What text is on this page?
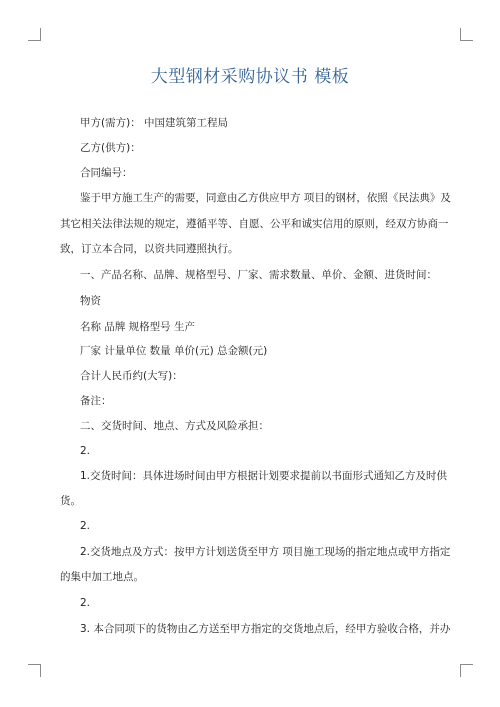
大型钢材采购协议书 模板
甲方(需方)： 中国建筑第工程局
乙方(供方)：
合同编号：
鉴于甲方施工生产的需要，同意由乙方供应甲方 项目的钢材，依照《民法典》及
其它相关法律法规的规定，遵循平等、自愿、公平和诚实信用的原则，经双方协商一
致，订立本合同，以资共同遵照执行。
一、产品名称、品牌、规格型号、厂家、需求数量、单价、金额、进货时间：
物资
名称 品牌 规格型号 生产
厂家 计量单位 数量 单价(元) 总金额(元)
合计人民币约(大写)：
备注：
二、交货时间、地点、方式及风险承担：
2.
1.交货时间：具体进场时间由甲方根据计划要求提前以书面形式通知乙方及时供
货。
2.
2.交货地点及方式：按甲方计划送货至甲方 项目施工现场的指定地点或甲方指定
的集中加工地点。
2.
3. 本合同项下的货物由乙方送至甲方指定的交货地点后，经甲方验收合格，并办
